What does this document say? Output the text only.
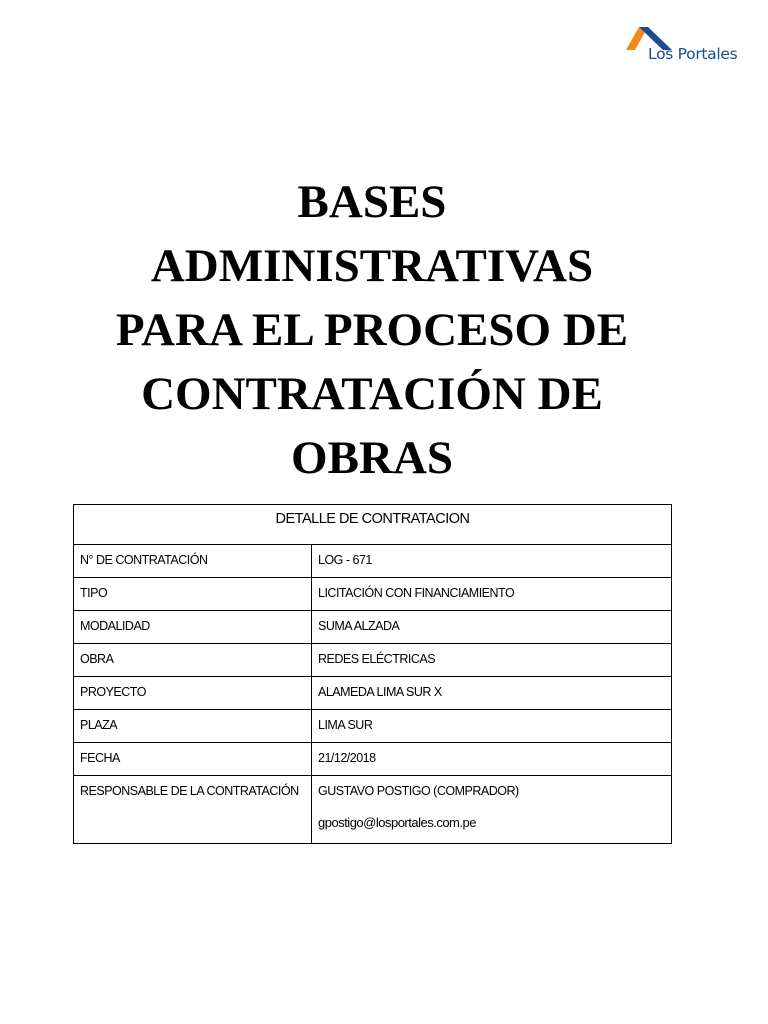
Los Portales
BASES
ADMINISTRATIVAS
PARA EL PROCESO DE
CONTRATACIÓN DE
OBRAS
DETALLE DE CONTRATACION	
N° DE CONTRATACIÓN	LOG - 671
TIPO	LICITACIÓN CON FINANCIAMIENTO
MODALIDAD	SUMA ALZADA
OBRA	REDES ELÉCTRICAS
PROYECTO	ALAMEDA LIMA SUR X
PLAZA	LIMA SUR
FECHA	21/12/2018
RESPONSABLE DE LA CONTRATACIÓN	GUSTAVO POSTIGO (COMPRADOR)
gpostigo@losportales.com.pe
